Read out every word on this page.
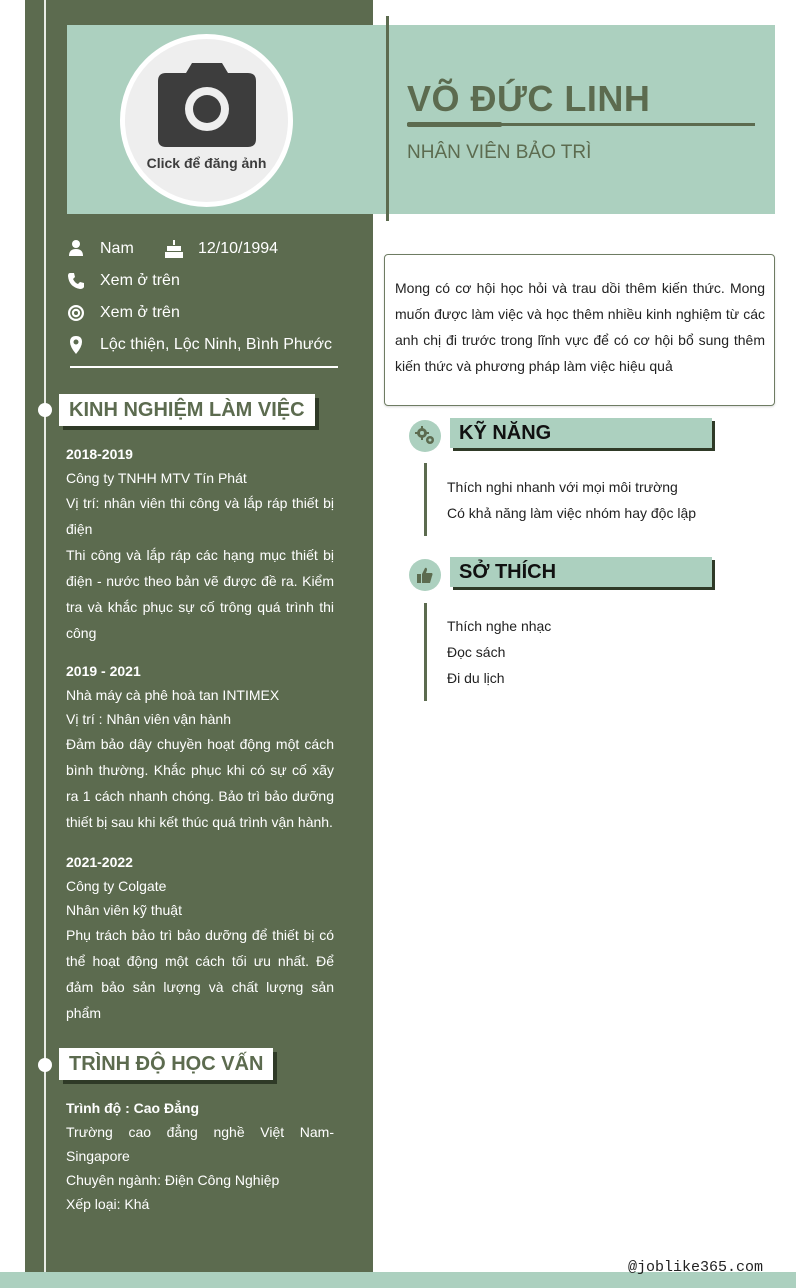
Click để đăng ảnh
VÕ ĐỨC LINH
NHÂN VIÊN BẢO TRÌ
Nam	12/10/1994
Xem ở trên
Xem ở trên
Lộc thiện, Lộc Ninh, Bình Phước
KINH NGHIỆM LÀM VIỆC
2018-2019
Công ty TNHH MTV Tín Phát
Vị trí: nhân viên thi công và lắp ráp thiết bị điện
Thi công và lắp ráp các hạng mục thiết bị điện - nước theo bản vẽ được đề ra. Kiểm tra và khắc phục sự cố trông quá trình thi công
2019 - 2021
Nhà máy cà phê hoà tan INTIMEX
Vị trí : Nhân viên vận hành
Đảm bảo dây chuyền hoạt động một cách bình thường. Khắc phục khi có sự cố xãy ra 1 cách nhanh chóng. Bảo trì bảo dưỡng thiết bị sau khi kết thúc quá trình vận hành.
2021-2022
Công ty Colgate
Nhân viên kỹ thuật
Phụ trách bảo trì bảo dưỡng để thiết bị có thể hoạt động một cách tối ưu nhất. Để đảm bảo sản lượng và chất lượng sản phẩm
TRÌNH ĐỘ HỌC VẤN
Trình độ : Cao Đẳng
Trường cao đẳng nghề Việt Nam-Singapore
Chuyên ngành: Điện Công Nghiệp
Xếp loại: Khá
Mong có cơ hội học hỏi và trau dồi thêm kiến thức. Mong muốn được làm việc và học thêm nhiều kinh nghiệm từ các anh chị đi trước trong lĩnh vực để có cơ hội bổ sung thêm kiến thức và phương pháp làm việc hiệu quả
KỸ NĂNG
Thích nghi nhanh với mọi môi trường
Có khả năng làm việc nhóm hay độc lập
SỞ THÍCH
Thích nghe nhạc
Đọc sách
Đi du lịch
@joblike365.com
